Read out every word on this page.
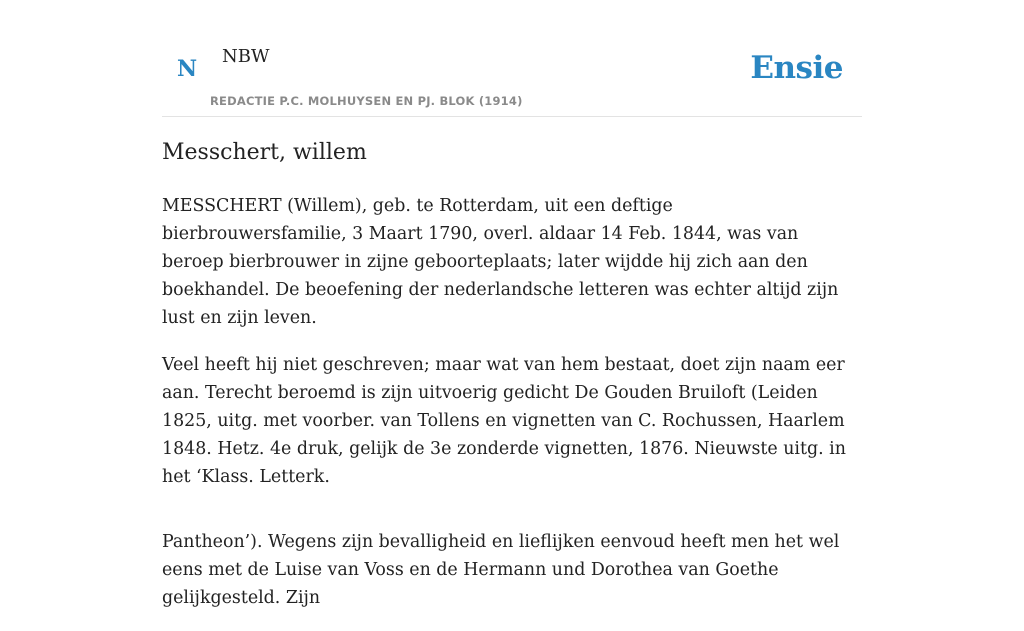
N NBW
REDACTIE P.C. MOLHUYSEN EN PJ. BLOK (1914)
Ensie
Messchert, willem

MESSCHERT (Willem), geb. te Rotterdam, uit een deftige bierbrouwersfamilie, 3 Maart 1790, overl. aldaar 14 Feb. 1844, was van beroep bierbrouwer in zijne geboorteplaats; later wijdde hij zich aan den boekhandel. De beoefening der nederlandsche letteren was echter altijd zijn lust en zijn leven.

Veel heeft hij niet geschreven; maar wat van hem bestaat, doet zijn naam eer aan. Terecht beroemd is zijn uitvoerig gedicht De Gouden Bruiloft (Leiden 1825, uitg. met voorber. van Tollens en vignetten van C. Rochussen, Haarlem 1848. Hetz. 4e druk, gelijk de 3e zonderde vignetten, 1876. Nieuwste uitg. in het ‘Klass. Letterk.

Pantheon’). Wegens zijn bevalligheid en lieflijken eenvoud heeft men het wel eens met de Luise van Voss en de Hermann und Dorothea van Goethe gelijkgesteld. Zijn
